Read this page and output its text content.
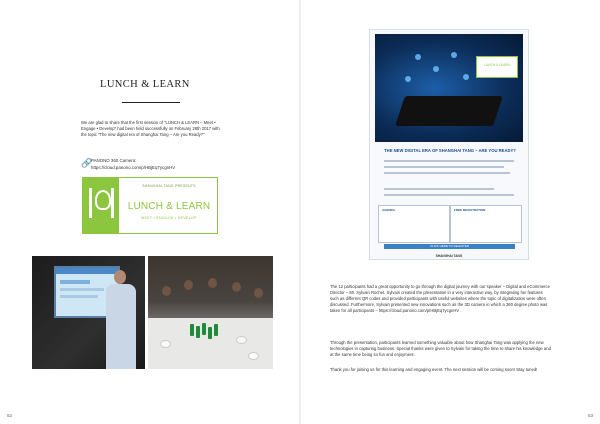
LUNCH & LEARN
We are glad to share that the first session of "LUNCH & LEARN – Meet • Engage • Develop" had been held successfully on February 28th 2017 with the topic "The new digital era of Shanghai Tang – Are you Ready?"
🔗
PANONO 360 Camera:
https://cloud.panono.com/p/HBjEq7ycgnHV
SHANGHAI TANG PRESENTS
LUNCH & LEARN
MEET • ENGAGE • DEVELOP
LUNCH & LEARN
THE NEW DIGITAL ERA OF SHANGHAI TANG – ARE YOU READY?
AGENDA	FREE REGISTRATION
CLICK HERE TO REGISTER
SHANGHAI TANG
The 12 participants had a great opportunity to go through the digital journey with our speaker – Digital and eCommerce Director – Mr. Sylvain Rochet. Sylvain created the presentation in a very interactive way, by integrating fun features such as different QR codes and provided participants with useful websites where the topic of digitalization were often discussed. Furthermore, Sylvain presented new innovations such as the 3D camera in which a 360 degree photo was taken for all participants – https://cloud.panono.com/p/HBjEq7ycgnHV .
Through the presentation, participants learned something valuable about how Shanghai Tang was applying the new technologies in capturing business. Special thanks were given to Sylvain for taking the time to share his knowledge and at the same time being so fun and enjoyment.
Thank you for joining us for this learning and engaging event. The next session will be coming soon! Stay tuned!
52	53
